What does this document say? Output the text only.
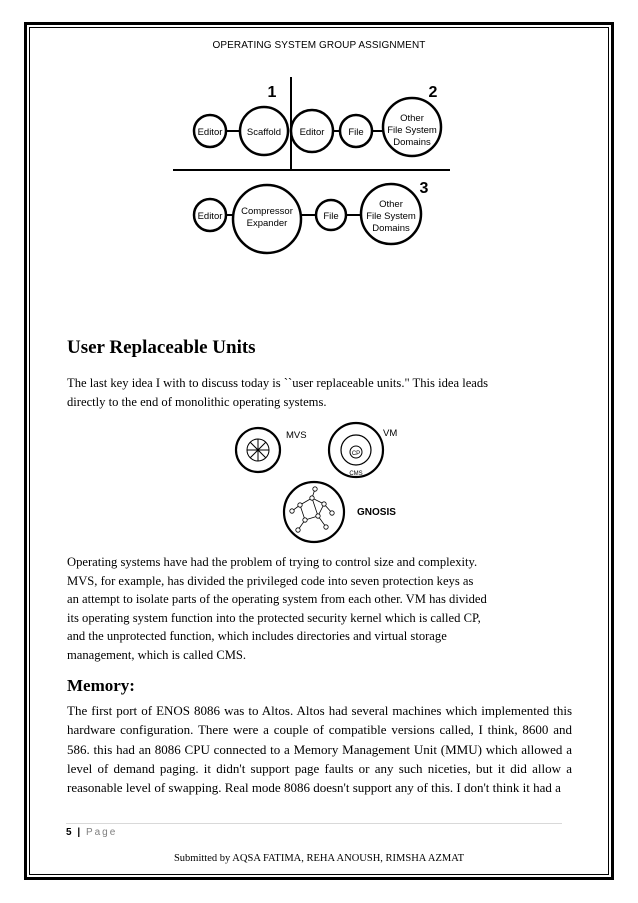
OPERATING SYSTEM GROUP ASSIGNMENT
1	2
3
Editor	Scaffold Editor	File
Other
File System
Domains
Editor Compressor
Expander
File
Other
File System
Domains
User Replaceable Units
The last key idea I with to discuss today is ``user replaceable units." This idea leads
directly to the end of monolithic operating systems.
MVS	VM
CP
CMS
GNOSIS
Operating systems have had the problem of trying to control size and complexity.
MVS, for example, has divided the privileged code into seven protection keys as
an attempt to isolate parts of the operating system from each other. VM has divided
its operating system function into the protected security kernel which is called CP,
and the unprotected function, which includes directories and virtual storage
management, which is called CMS.
Memory:

The first port of ENOS 8086 was to Altos. Altos had several machines which implemented this hardware configuration. There were a couple of compatible versions called, I think, 8600 and 586. this had an 8086 CPU connected to a Memory Management Unit (MMU) which allowed a level of demand paging. it didn't support page faults or any such niceties, but it did allow a reasonable level of swapping. Real mode 8086 doesn't support any of this. I don't think it had a

5 | Page
Submitted by AQSA FATIMA, REHA ANOUSH, RIMSHA AZMAT
